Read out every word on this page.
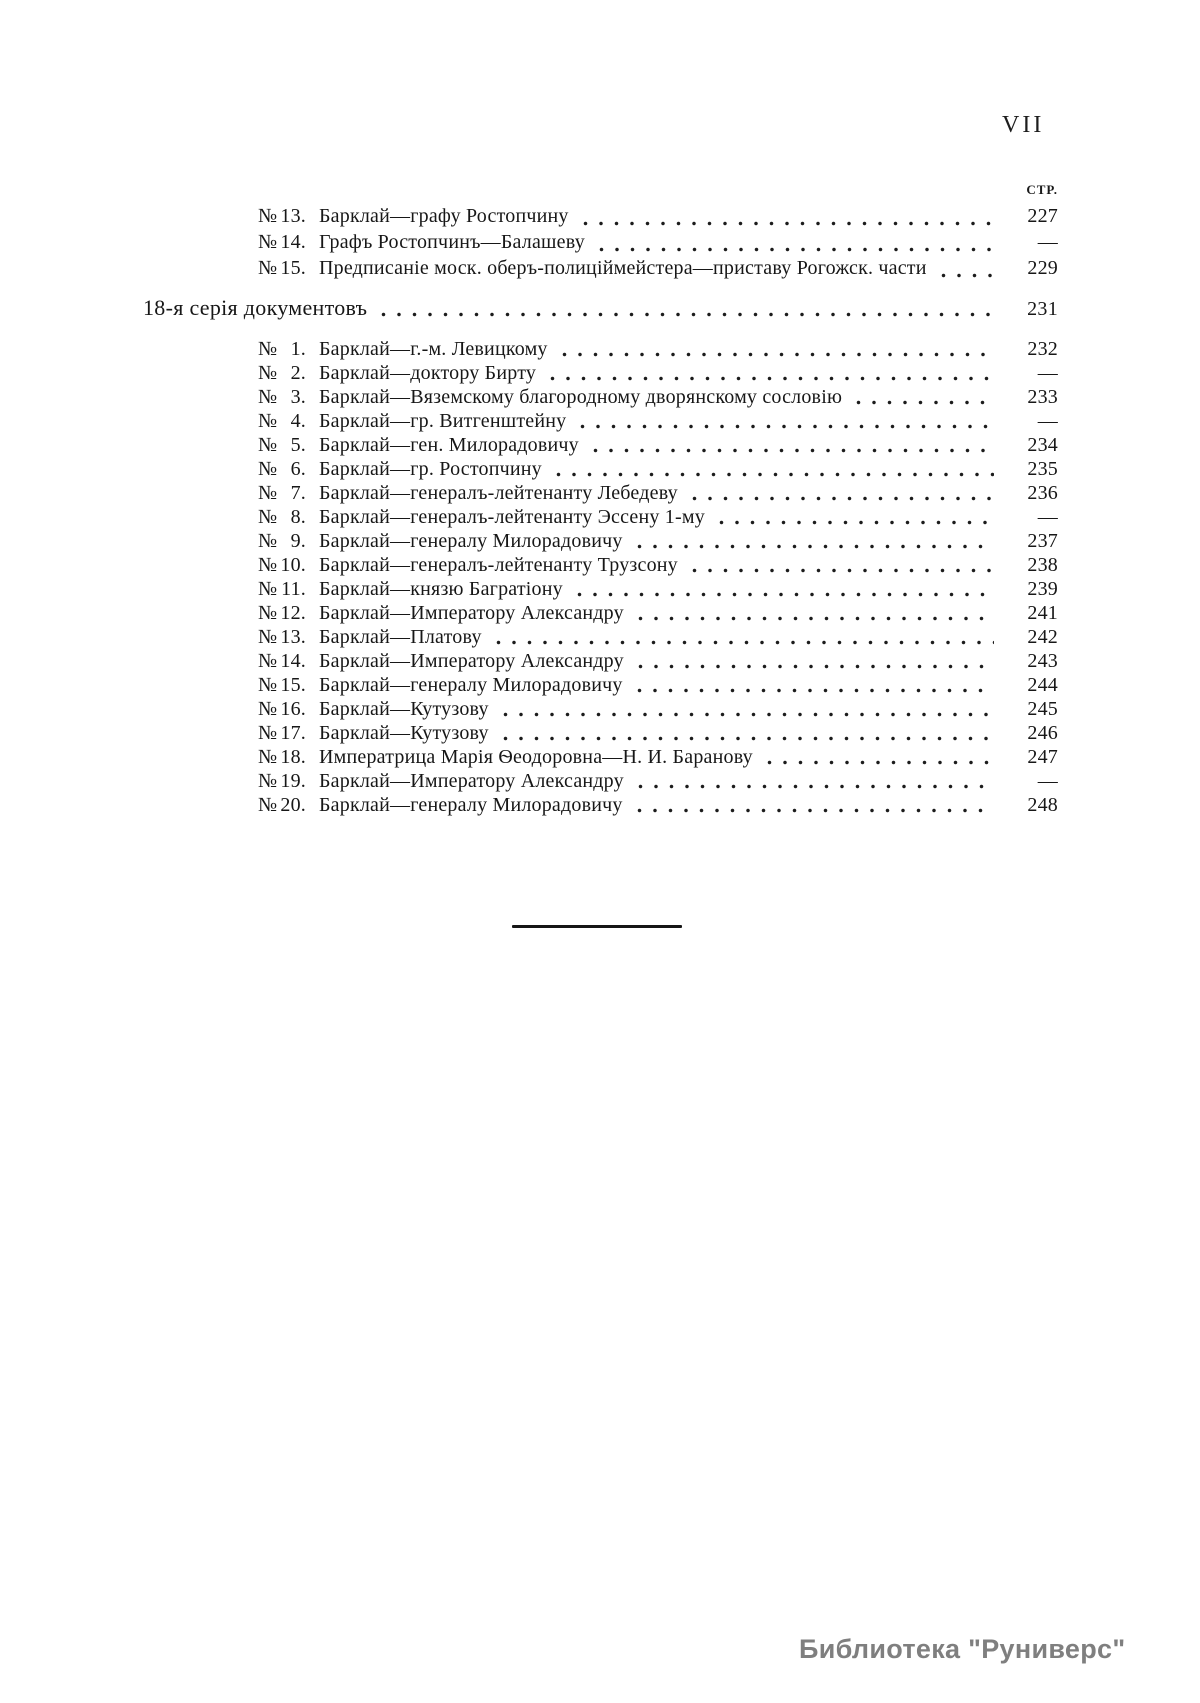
VII
СТР.
№ 13. Барклай—графу Ростопчину	227
№ 14. Графъ Ростопчинъ—Балашеву	—
№ 15. Предписаніе моск. оберъ-полиціймейстера—приставу Рогожск. части	229
18-я серія документовъ	231
№ 1. Барклай—г.-м. Левицкому	232
№ 2. Барклай—доктору Бирту	—
№ 3. Барклай—Вяземскому благородному дворянскому сословію	233
№ 4. Барклай—гр. Витгенштейну	—
№ 5. Барклай—ген. Милорадовичу	234
№ 6. Барклай—гр. Ростопчину	235
№ 7. Барклай—генералъ-лейтенанту Лебедеву	236
№ 8. Барклай—генералъ-лейтенанту Эссену 1-му	—
№ 9. Барклай—генералу Милорадовичу	237
№ 10. Барклай—генералъ-лейтенанту Трузсону	238
№ 11. Барклай—князю Багратіону	239
№ 12. Барклай—Императору Александру	241
№ 13. Барклай—Платову	242
№ 14. Барклай—Императору Александру	243
№ 15. Барклай—генералу Милорадовичу	244
№ 16. Барклай—Кутузову	245
№ 17. Барклай—Кутузову	246
№ 18. Императрица Марія Ѳеодоровна—Н. И. Баранову	247
№ 19. Барклай—Императору Александру	—
№ 20. Барклай—генералу Милорадовичу	248
Библиотека "Руниверс"
